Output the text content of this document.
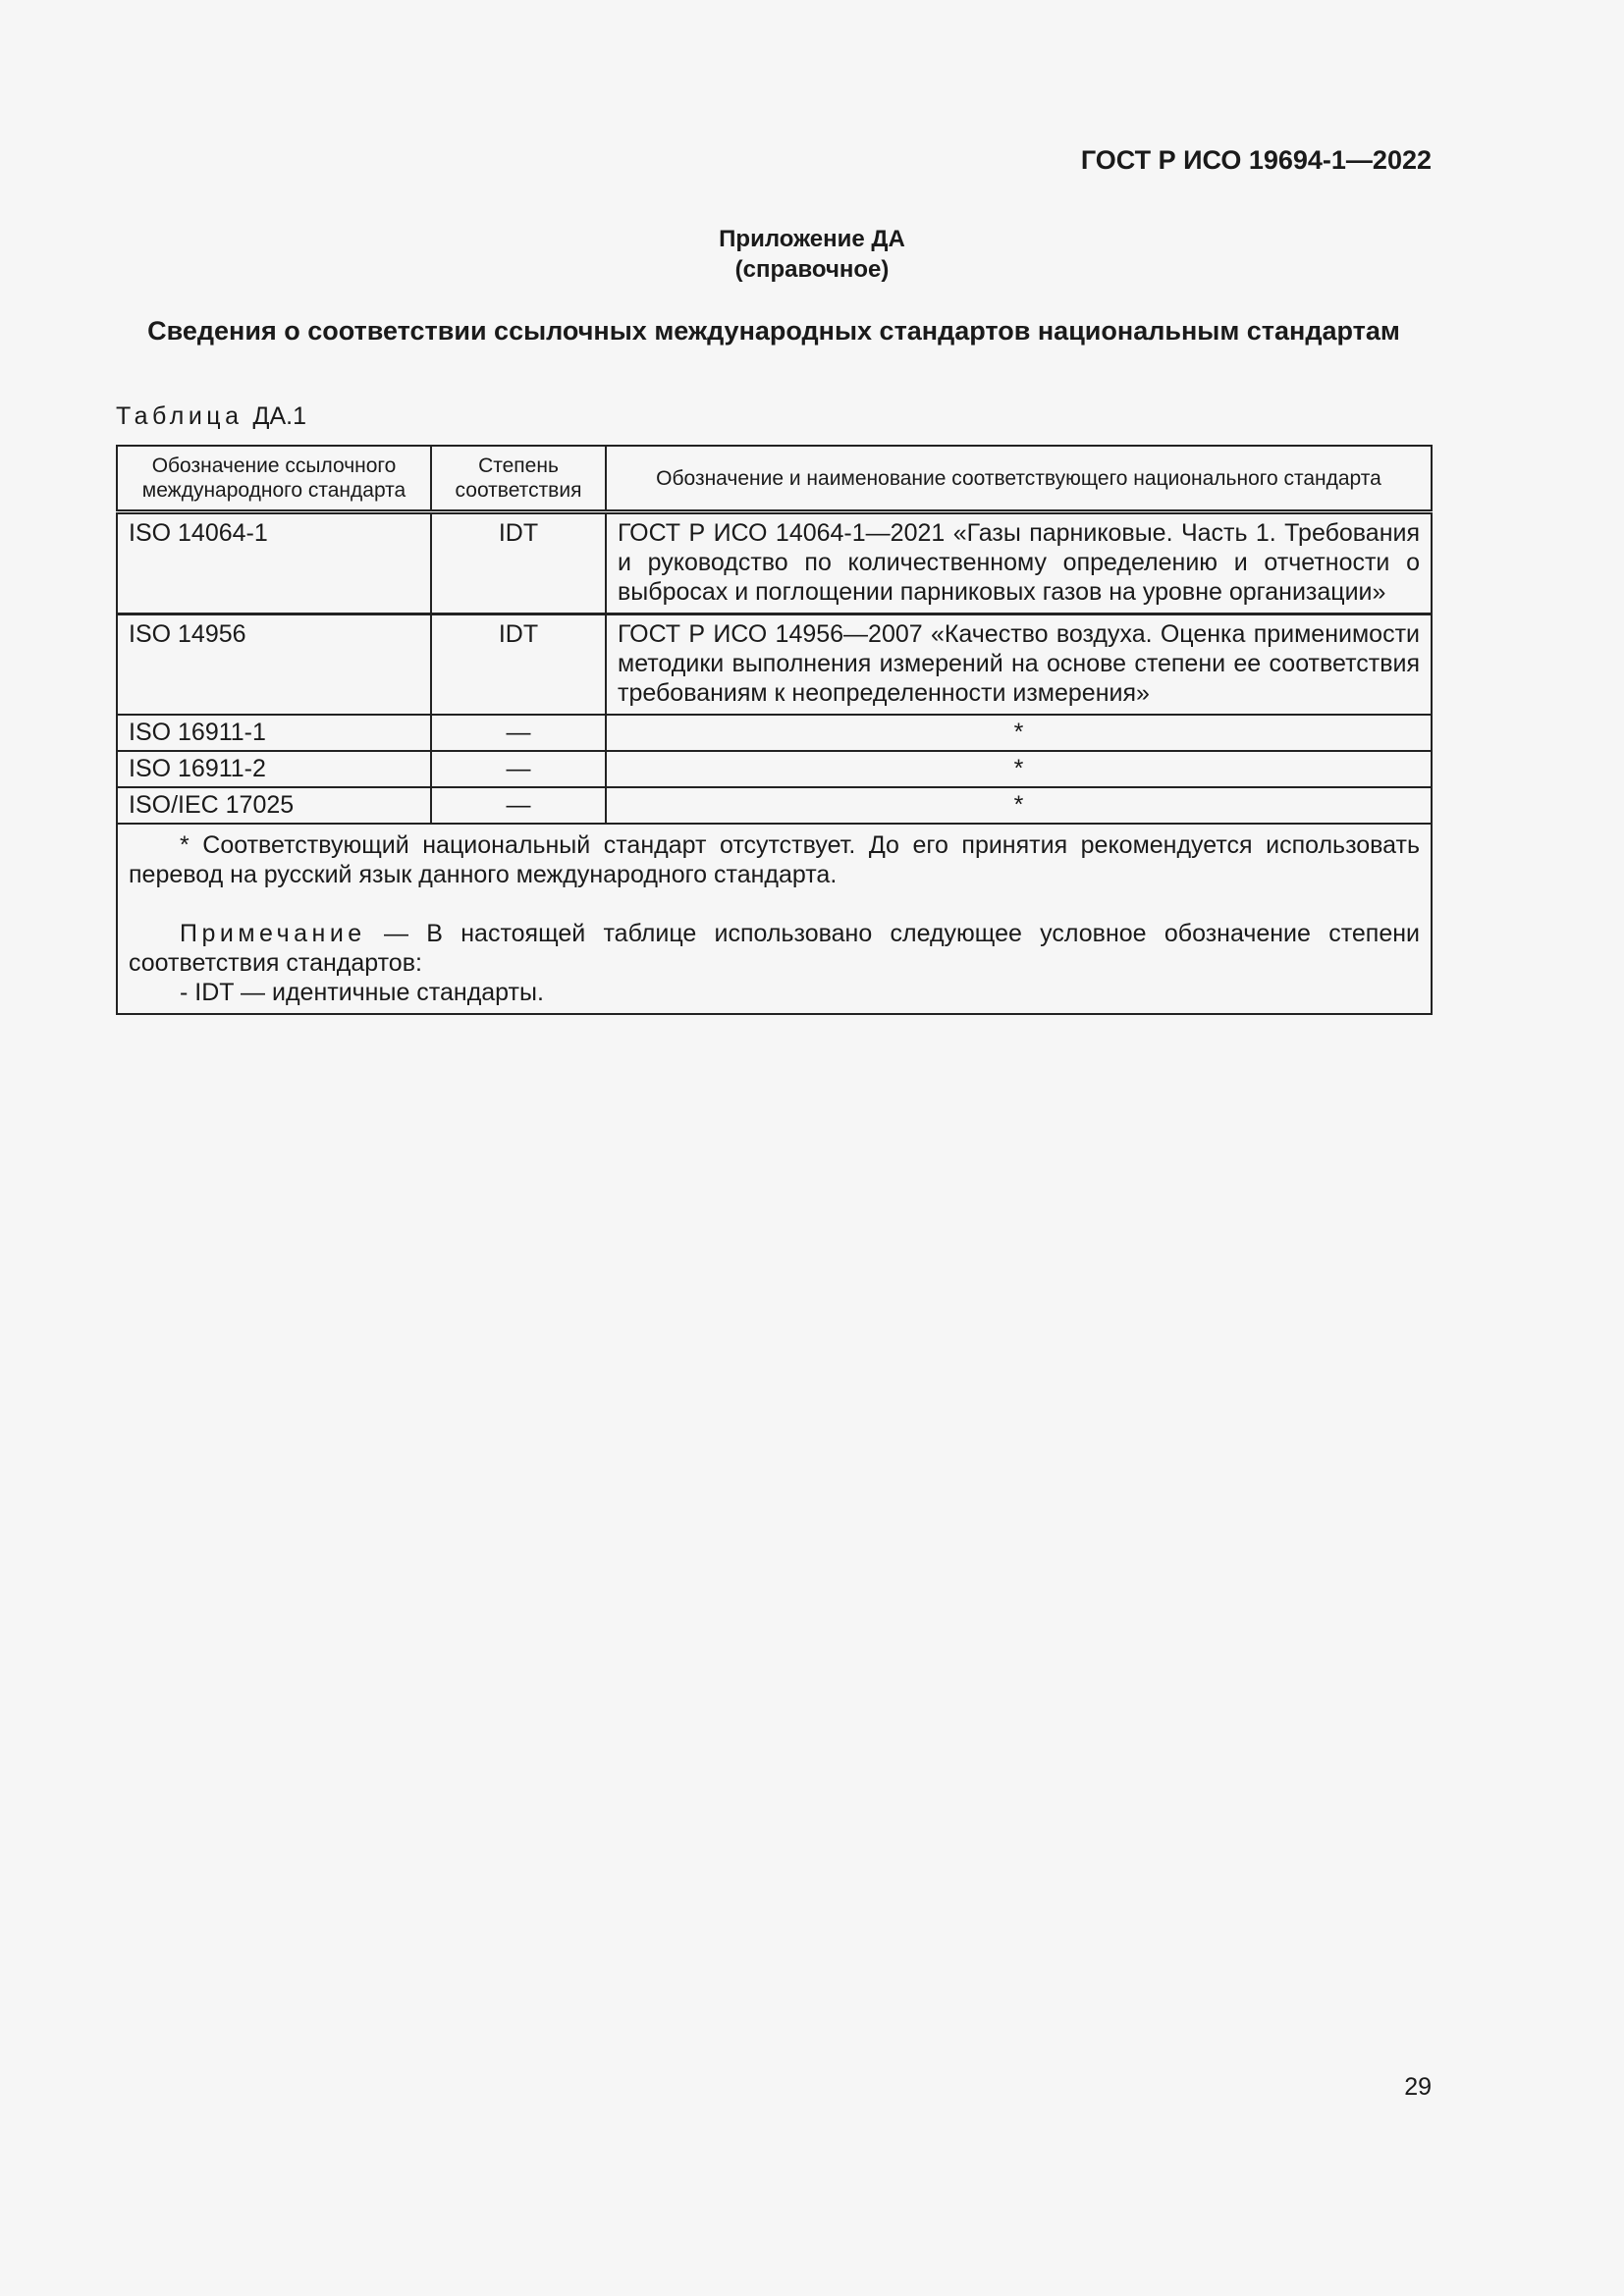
ГОСТ Р ИСО 19694-1—2022
Приложение ДА
(справочное)
Сведения о соответствии ссылочных международных стандартов национальным стандартам
Таблица ДА.1
Обозначение ссылочного международного стандарта	Степень соответствия	Обозначение и наименование соответствующего национального стандарта
ISO 14064-1	IDT	ГОСТ Р ИСО 14064-1—2021 «Газы парниковые. Часть 1. Требования и руководство по количественному определению и отчетности о выбросах и поглощении парниковых газов на уровне организации»
ISO 14956	IDT	ГОСТ Р ИСО 14956—2007 «Качество воздуха. Оценка применимости методики выполнения измерений на основе степени ее соответствия требованиям к неопределенности измерения»
ISO 16911-1	—	*
ISO 16911-2	—	*
ISO/IEC 17025	—	*

* Соответствующий национальный стандарт отсутствует. До его принятия рекомендуется использовать перевод на русский язык данного международного стандарта.

Примечание — В настоящей таблице использовано следующее условное обозначение степени соответствия стандартов:

- IDT — идентичные стандарты.		

29
